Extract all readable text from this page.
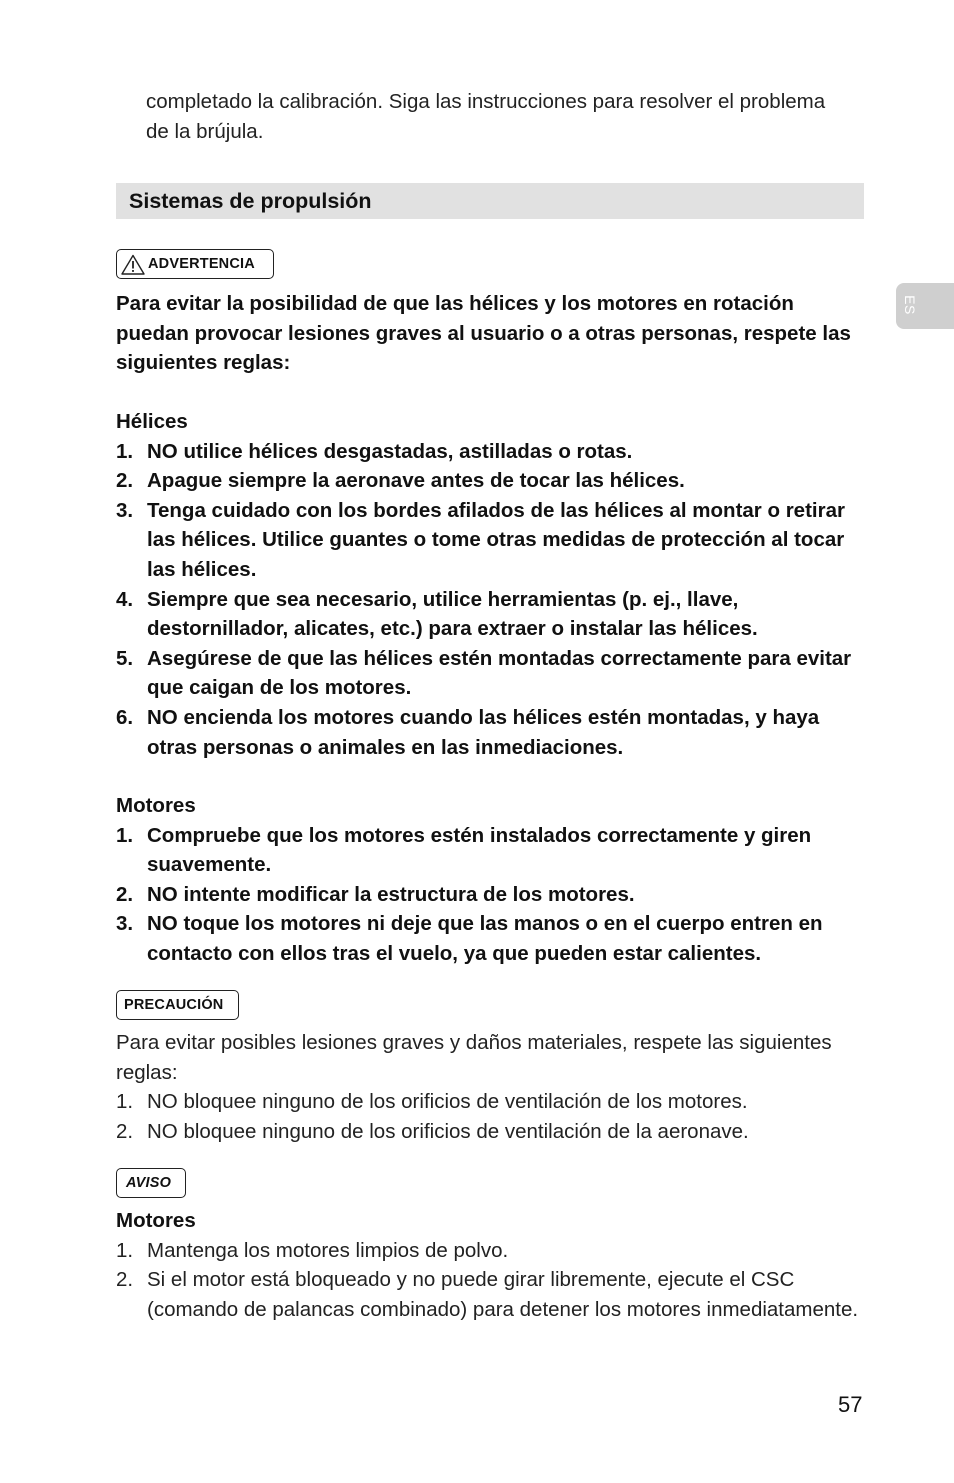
completado la calibración. Siga las instrucciones para resolver el problema de la brújula.
Sistemas de propulsión
ADVERTENCIA
Para evitar la posibilidad de que las hélices y los motores en rotación puedan provocar lesiones graves al usuario o a otras personas, respete las siguientes reglas:
Hélices
1. NO utilice hélices desgastadas, astilladas o rotas.
2. Apague siempre la aeronave antes de tocar las hélices.
3. Tenga cuidado con los bordes afilados de las hélices al montar o retirar las hélices. Utilice guantes o tome otras medidas de protección al tocar las hélices.
4. Siempre que sea necesario, utilice herramientas (p. ej., llave, destornillador, alicates, etc.) para extraer o instalar las hélices.
5. Asegúrese de que las hélices estén montadas correctamente para evitar que caigan de los motores.
6. NO encienda los motores cuando las hélices estén montadas, y haya otras personas o animales en las inmediaciones.
Motores
1. Compruebe que los motores estén instalados correctamente y giren suavemente.
2. NO intente modificar la estructura de los motores.
3. NO toque los motores ni deje que las manos o en el cuerpo entren en contacto con ellos tras el vuelo, ya que pueden estar calientes.
PRECAUCIÓN
Para evitar posibles lesiones graves y daños materiales, respete las siguientes reglas:
1. NO bloquee ninguno de los orificios de ventilación de los motores.
2. NO bloquee ninguno de los orificios de ventilación de la aeronave.
AVISO
Motores
1. Mantenga los motores limpios de polvo.
2. Si el motor está bloqueado y no puede girar libremente, ejecute el CSC (comando de palancas combinado) para detener los motores inmediatamente.
ES
57
